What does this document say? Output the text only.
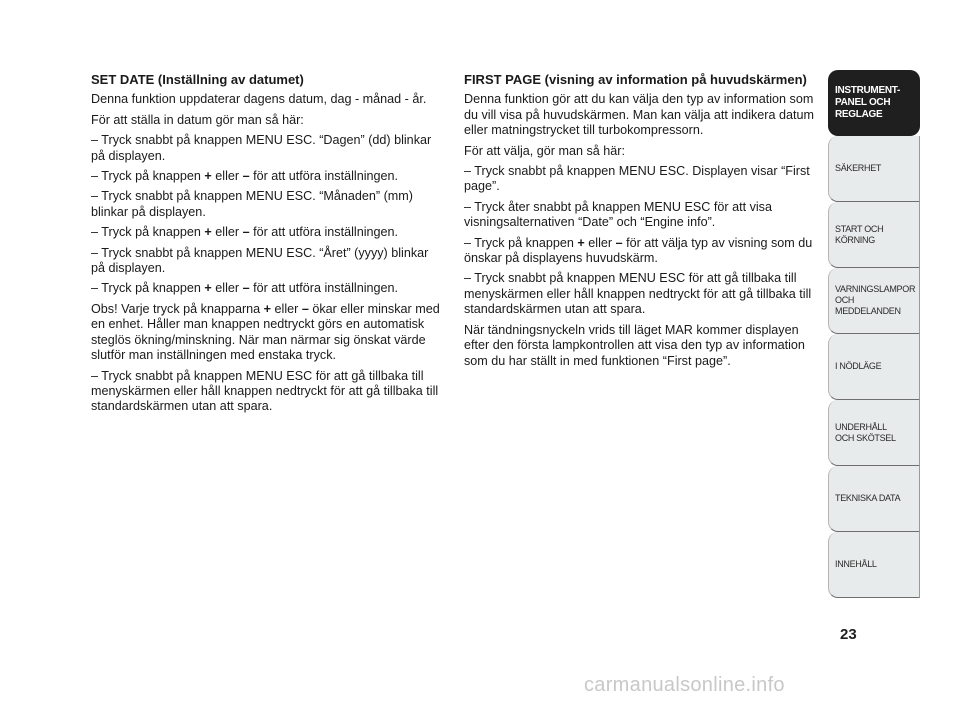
SET DATE (Inställning av datumet)

Denna funktion uppdaterar dagens datum, dag - månad - år.

För att ställa in datum gör man så här:

– Tryck snabbt på knappen MENU ESC. “Dagen” (dd) blinkar på displayen.

– Tryck på knappen + eller – för att utföra inställningen.

– Tryck snabbt på knappen MENU ESC. “Månaden” (mm) blinkar på displayen.

– Tryck på knappen + eller – för att utföra inställningen.

– Tryck snabbt på knappen MENU ESC. “Året” (yyyy) blinkar på displayen.

– Tryck på knappen + eller – för att utföra inställningen.

Obs! Varje tryck på knapparna + eller – ökar eller minskar med en enhet. Håller man knappen nedtryckt görs en automatisk steglös ökning/minskning. När man närmar sig önskat värde slutför man inställningen med enstaka tryck.

– Tryck snabbt på knappen MENU ESC för att gå tillbaka till menyskärmen eller håll knappen nedtryckt för att gå tillbaka till standardskärmen utan att spara.

FIRST PAGE (visning av information på huvudskärmen)

Denna funktion gör att du kan välja den typ av information som du vill visa på huvudskärmen. Man kan välja att indikera datum eller matningstrycket till turbokompressorn.

För att välja, gör man så här:

– Tryck snabbt på knappen MENU ESC. Displayen visar “First page”.

– Tryck åter snabbt på knappen MENU ESC för att visa visningsalternativen “Date” och “Engine info”.

– Tryck på knappen + eller – för att välja typ av visning som du önskar på displayens huvudskärm.

– Tryck snabbt på knappen MENU ESC för att gå tillbaka till menyskärmen eller håll knappen nedtryckt för att gå tillbaka till standardskärmen utan att spara.

När tändningsnyckeln vrids till läget MAR kommer displayen efter den första lampkontrollen att visa den typ av information som du har ställt in med funktionen “First page”.

INSTRUMENT-
PANEL OCH
REGLAGE
SÄKERHET
START OCH
KÖRNING
VARNINGSLAMPOR
OCH
MEDDELANDEN
I NÖDLÄGE
UNDERHÅLL
OCH SKÖTSEL
TEKNISKA DATA
INNEHÅLL
23
carmanualsonline.info
